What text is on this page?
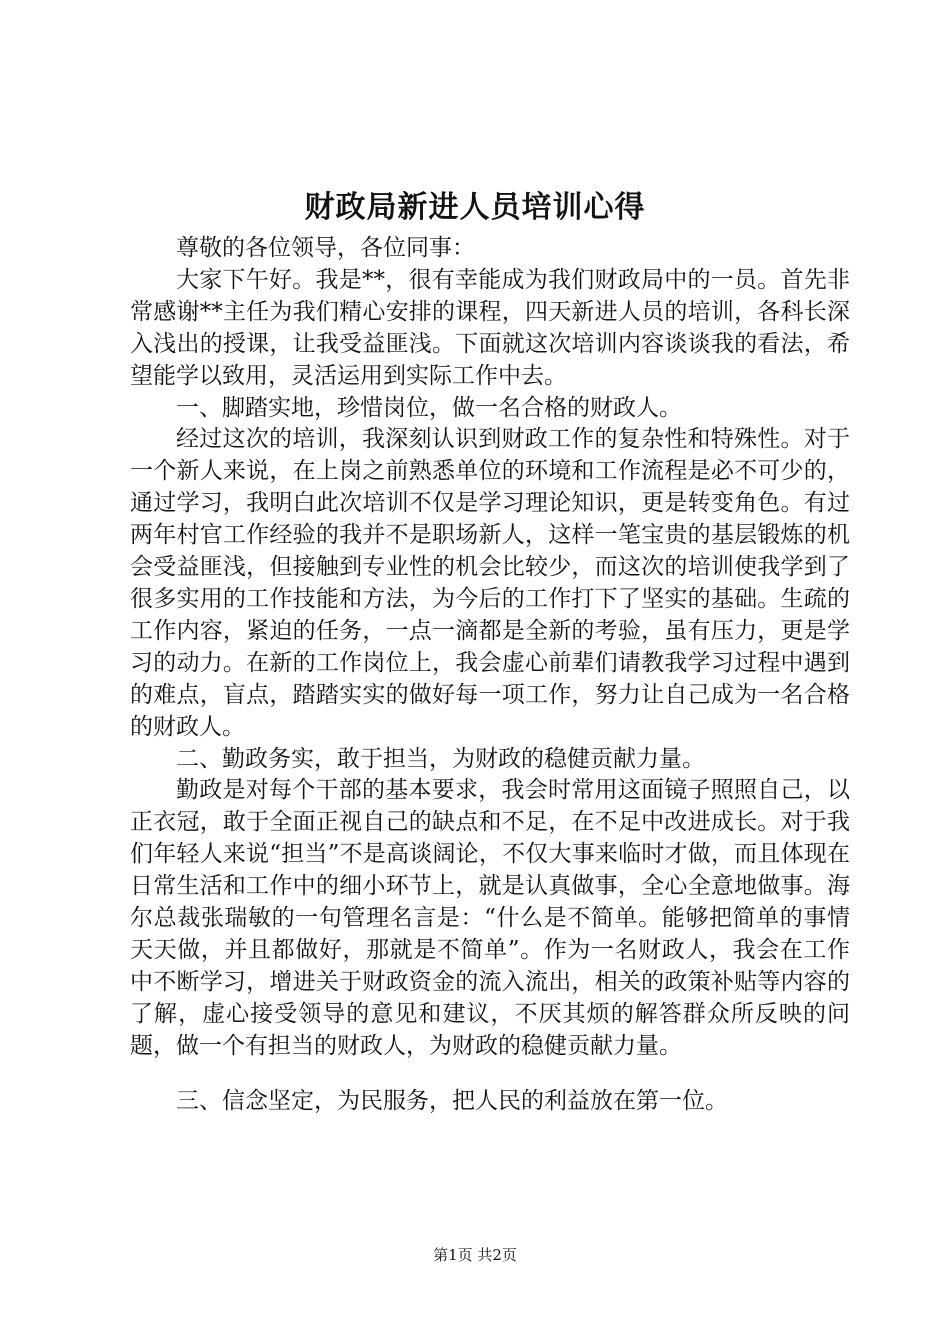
财政局新进人员培训心得

尊敬的各位领导，各位同事：

大家下午好。我是**，很有幸能成为我们财政局中的一员。首先非常感谢**主任为我们精心安排的课程，四天新进人员的培训，各科长深入浅出的授课，让我受益匪浅。下面就这次培训内容谈谈我的看法，希望能学以致用，灵活运用到实际工作中去。

一、脚踏实地，珍惜岗位，做一名合格的财政人。

经过这次的培训，我深刻认识到财政工作的复杂性和特殊性。对于一个新人来说，在上岗之前熟悉单位的环境和工作流程是必不可少的，通过学习，我明白此次培训不仅是学习理论知识，更是转变角色。有过两年村官工作经验的我并不是职场新人，这样一笔宝贵的基层锻炼的机会受益匪浅，但接触到专业性的机会比较少，而这次的培训使我学到了很多实用的工作技能和方法，为今后的工作打下了坚实的基础。生疏的工作内容，紧迫的任务，一点一滴都是全新的考验，虽有压力，更是学习的动力。在新的工作岗位上，我会虚心前辈们请教我学习过程中遇到的难点，盲点，踏踏实实的做好每一项工作，努力让自己成为一名合格的财政人。

二、勤政务实，敢于担当，为财政的稳健贡献力量。

勤政是对每个干部的基本要求，我会时常用这面镜子照照自己，以正衣冠，敢于全面正视自己的缺点和不足，在不足中改进成长。对于我们年轻人来说“担当”不是高谈阔论，不仅大事来临时才做，而且体现在日常生活和工作中的细小环节上，就是认真做事，全心全意地做事。海尔总裁张瑞敏的一句管理名言是：“什么是不简单。能够把简单的事情天天做，并且都做好，那就是不简单”。作为一名财政人，我会在工作中不断学习，增进关于财政资金的流入流出，相关的政策补贴等内容的了解，虚心接受领导的意见和建议，不厌其烦的解答群众所反映的问题，做一个有担当的财政人，为财政的稳健贡献力量。

三、信念坚定，为民服务，把人民的利益放在第一位。

第1页 共2页
